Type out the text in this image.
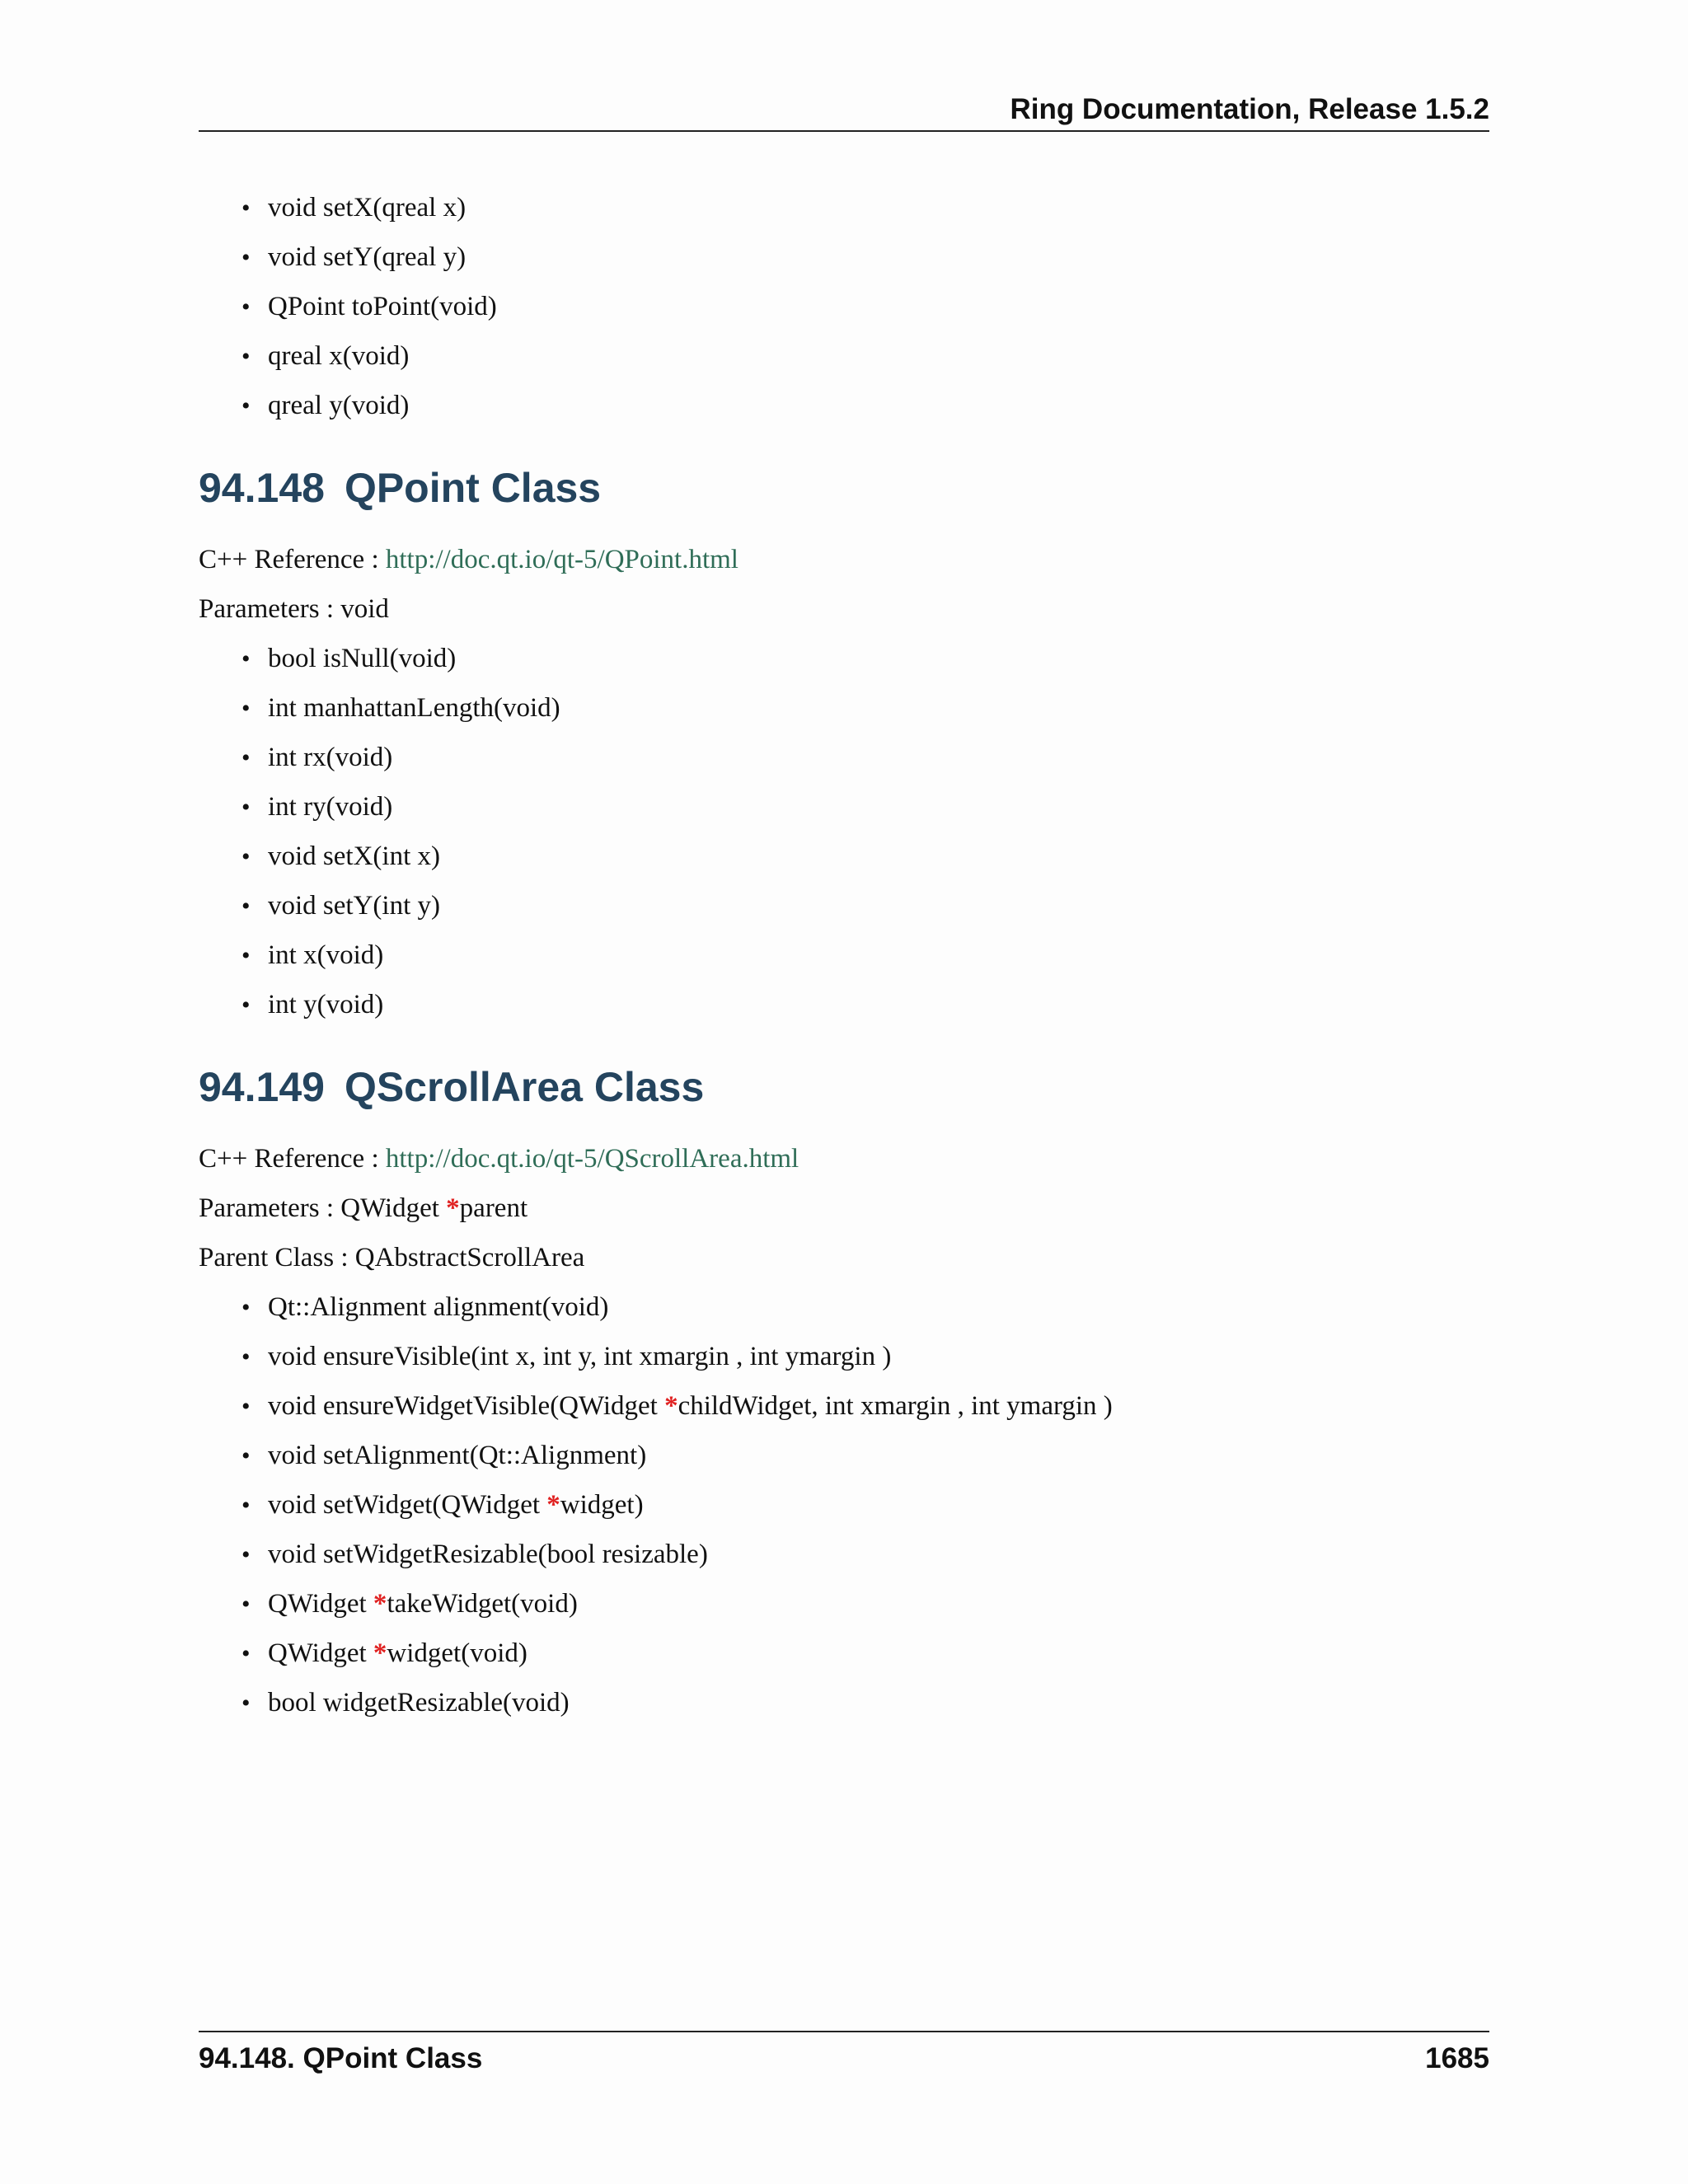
Ring Documentation, Release 1.5.2
• void setX(qreal x)
• void setY(qreal y)
• QPoint toPoint(void)
• qreal x(void)
• qreal y(void)
94.148 QPoint Class
C++ Reference : http://doc.qt.io/qt-5/QPoint.html
Parameters : void
• bool isNull(void)
• int manhattanLength(void)
• int rx(void)
• int ry(void)
• void setX(int x)
• void setY(int y)
• int x(void)
• int y(void)
94.149 QScrollArea Class
C++ Reference : http://doc.qt.io/qt-5/QScrollArea.html
Parameters : QWidget *parent
Parent Class : QAbstractScrollArea
• Qt::Alignment alignment(void)
• void ensureVisible(int x, int y, int xmargin , int ymargin )
• void ensureWidgetVisible(QWidget *childWidget, int xmargin , int ymargin )
• void setAlignment(Qt::Alignment)
• void setWidget(QWidget *widget)
• void setWidgetResizable(bool resizable)
• QWidget *takeWidget(void)
• QWidget *widget(void)
• bool widgetResizable(void)
94.148. QPoint Class	1685
